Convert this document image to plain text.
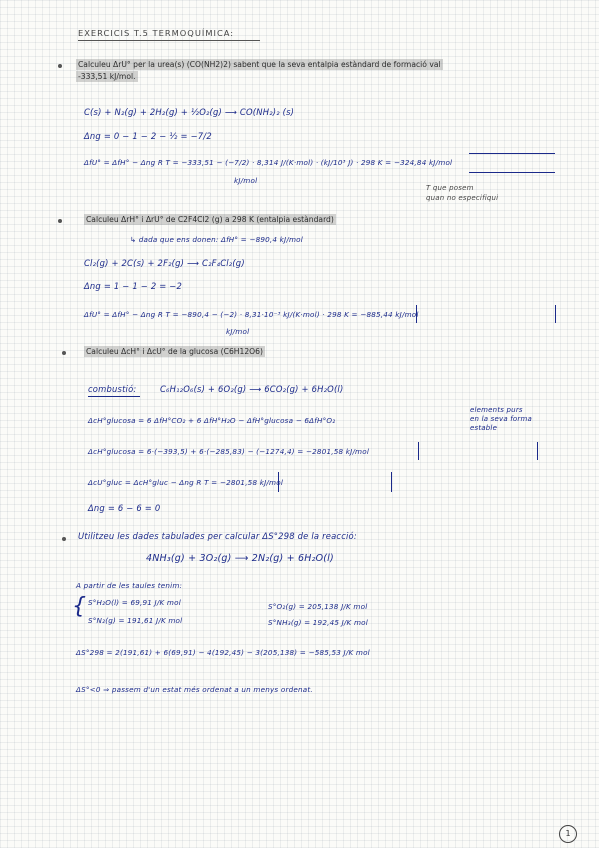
EXERCICIS T.5 TERMOQUÍMICA:
Calculeu ΔrU° per la urea(s) (CO(NH2)2) sabent que la seva entalpia estàndard de formació val
-333,51 kJ/mol.
C(s) + N₂(g) + 2H₂(g) + ½O₂(g) ⟶ CO(NH₂)₂ (s)
Δng = 0 − 1 − 2 − ½ = −7/2
ΔfU° = ΔfH° − Δng R T = −333,51 − (−7/2) · 8,314 J/(K·mol) · (kJ/10³ J) · 298 K = −324,84 kJ/mol
kJ/mol
T que posem
quan no especifiqui
Calculeu ΔrH° i ΔrU° de C2F4Cl2 (g) a 298 K (entalpia estàndard)
↳ dada que ens donen: ΔfH° = −890,4 kJ/mol
Cl₂(g) + 2C(s) + 2F₂(g) ⟶ C₂F₄Cl₂(g)
Δng = 1 − 1 − 2 = −2
ΔfU° = ΔfH° − Δng R T = −890,4 − (−2) · 8,31·10⁻³ kJ/(K·mol) · 298 K = −885,44 kJ/mol
kJ/mol
Calculeu ΔcH° i ΔcU° de la glucosa (C6H12O6)
combustió:	C₆H₁₂O₆(s) + 6O₂(g) ⟶ 6CO₂(g) + 6H₂O(l)
ΔcH°glucosa = 6 ΔfH°CO₂ + 6 ΔfH°H₂O − ΔfH°glucosa − 6ΔfH°O₂
elements purs
en la seva forma
estable
ΔcH°glucosa = 6·(−393,5) + 6·(−285,83) − (−1274,4) = −2801,58 kJ/mol
ΔcU°gluc = ΔcH°gluc − Δng R T = −2801,58 kJ/mol
Δng = 6 − 6 = 0
Utilitzeu les dades tabulades per calcular ΔS°298 de la reacció:
4NH₃(g) + 3O₂(g) ⟶ 2N₂(g) + 6H₂O(l)
A partir de les taules tenim:
{ S°H₂O(l) = 69,91 J/K mol
S°N₂(g) = 191,61 J/K mol
S°O₂(g) = 205,138 J/K mol
S°NH₃(g) = 192,45 J/K mol
ΔS°298 = 2(191,61) + 6(69,91) − 4(192,45) − 3(205,138) = −585,53 J/K mol
ΔS°<0 ⇒ passem d'un estat més ordenat a un menys ordenat.
1
